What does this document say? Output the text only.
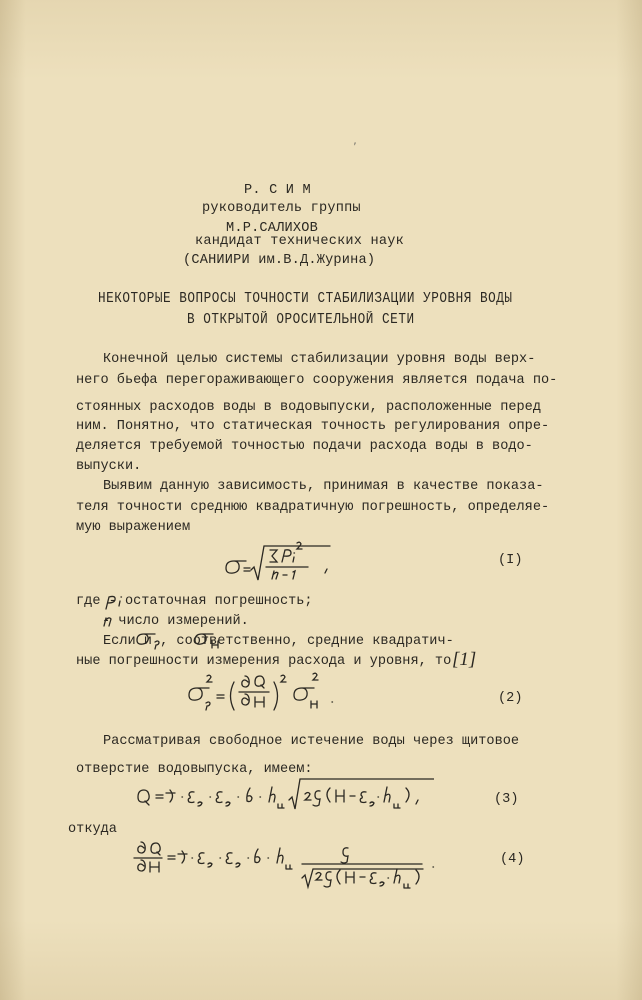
'
Р. С И М
руководитель группы
М.Р.САЛИХОВ
кандидат технических наук
(САНИИРИ им.В.Д.Журина)
НЕКОТОРЫЕ ВОПРОСЫ ТОЧНОСТИ СТАБИЛИЗАЦИИ УРОВНЯ ВОДЫ
В ОТКРЫТОЙ ОРОСИТЕЛЬНОЙ СЕТИ
Конечной целью системы стабилизации уровня воды верх-
него бьефа перегораживающего сооружения является подача по-
стоянных расходов воды в водовыпуски, расположенные перед
ним. Понятно, что статическая точность регулирования опре-
деляется требуемой точностью подачи расхода воды в водо-
выпуски.
Выявим данную зависимость, принимая в качестве показа-
теля точности среднюю квадратичную погрешность, определяе-
мую выражением
(I)
где - остаточная погрешность;
- число измерений.
Если и , соответственно, средние квадратич-
ные погрешности измерения расхода и уровня, то [1]
(2)
Рассматривая свободное истечение воды через щитовое
отверстие водовыпуска, имеем:
(3)
откуда
(4)
